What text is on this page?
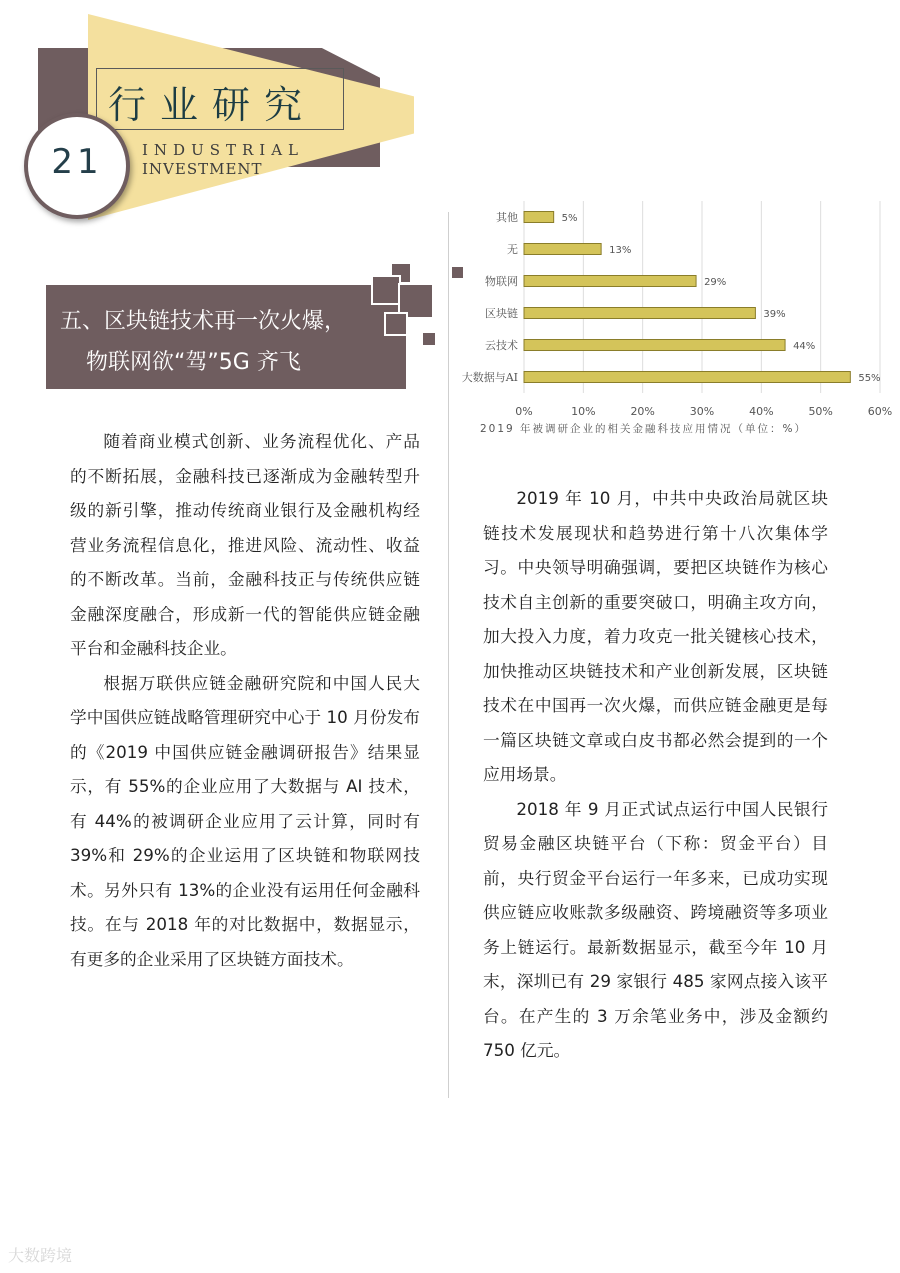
行业研究
INDUSTRIAL
INVESTMENT
21
五、区块链技术再一次火爆，
物联网欲“驾”5G 齐飞
0%	10%	20%	30%	40%	50%	60%
其他	5%
无	13%
物联网	29%
区块链	39%
云技术	44%
大数据与AI	55%
2019 年被调研企业的相关金融科技应用情况（单位：%）

随着商业模式创新、业务流程优化、产品的不断拓展，金融科技已逐渐成为金融转型升级的新引擎，推动传统商业银行及金融机构经营业务流程信息化，推进风险、流动性、收益的不断改革。当前，金融科技正与传统供应链金融深度融合，形成新一代的智能供应链金融平台和金融科技企业。

根据万联供应链金融研究院和中国人民大学中国供应链战略管理研究中心于 10 月份发布的《2019 中国供应链金融调研报告》结果显示，有 55%的企业应用了大数据与 AI 技术，有 44%的被调研企业应用了云计算，同时有 39%和 29%的企业运用了区块链和物联网技术。另外只有 13%的企业没有运用任何金融科技。在与 2018 年的对比数据中，数据显示，有更多的企业采用了区块链方面技术。

2019 年 10 月，中共中央政治局就区块链技术发展现状和趋势进行第十八次集体学习。中央领导明确强调，要把区块链作为核心技术自主创新的重要突破口，明确主攻方向，加大投入力度，着力攻克一批关键核心技术，加快推动区块链技术和产业创新发展，区块链技术在中国再一次火爆，而供应链金融更是每一篇区块链文章或白皮书都必然会提到的一个应用场景。

2018 年 9 月正式试点运行中国人民银行贸易金融区块链平台（下称：贸金平台）目前，央行贸金平台运行一年多来，已成功实现供应链应收账款多级融资、跨境融资等多项业务上链运行。最新数据显示，截至今年 10 月末，深圳已有 29 家银行 485 家网点接入该平台。在产生的 3 万余笔业务中，涉及金额约 750 亿元。

大数跨境
